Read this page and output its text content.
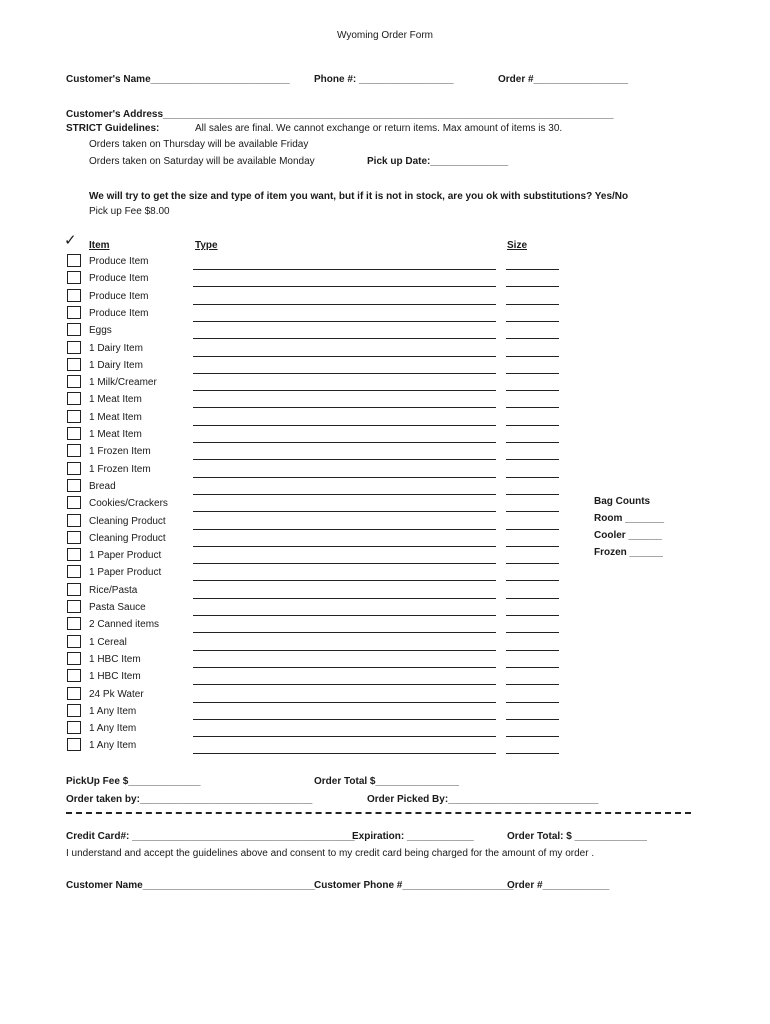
Wyoming Order Form
Customer's Name_________________________ Phone #: _________________	Order #_________________
Customer's Address_________________________________________________________________________________
STRICT Guidelines:	All sales are final. We cannot exchange or return items. Max amount of items is 30.
Orders taken on Thursday will be available Friday
Orders taken on Saturday will be available Monday	Pick up Date:______________
We will try to get the size and type of item you want, but if it is not in stock, are you ok with substitutions? Yes/No
Pick up Fee $8.00
✓ Item	Type	Size
Produce Item
Produce Item
Produce Item
Produce Item
Eggs
1 Dairy Item
1 Dairy Item
1 Milk/Creamer
1 Meat Item
1 Meat Item
1 Meat Item
1 Frozen Item
1 Frozen Item
Bread
Cookies/Crackers
Cleaning Product
Cleaning Product
1 Paper Product
1 Paper Product
Rice/Pasta
Pasta Sauce
2 Canned items
1 Cereal
1 HBC Item
1 HBC Item
24 Pk Water
1 Any Item
1 Any Item
1 Any Item
Bag Counts
Room _______
Cooler ______
Frozen ______
PickUp Fee $_____________	Order Total $_______________
Order taken by:_______________________________	Order Picked By:___________________________
Credit Card#: ________________________________________
Expiration: ____________	Order Total: $ _____________
I understand and accept the guidelines above and consent to my credit card being charged for the amount of my order .
Customer Name_______________________________
Customer Phone #____________________
Order #____________
